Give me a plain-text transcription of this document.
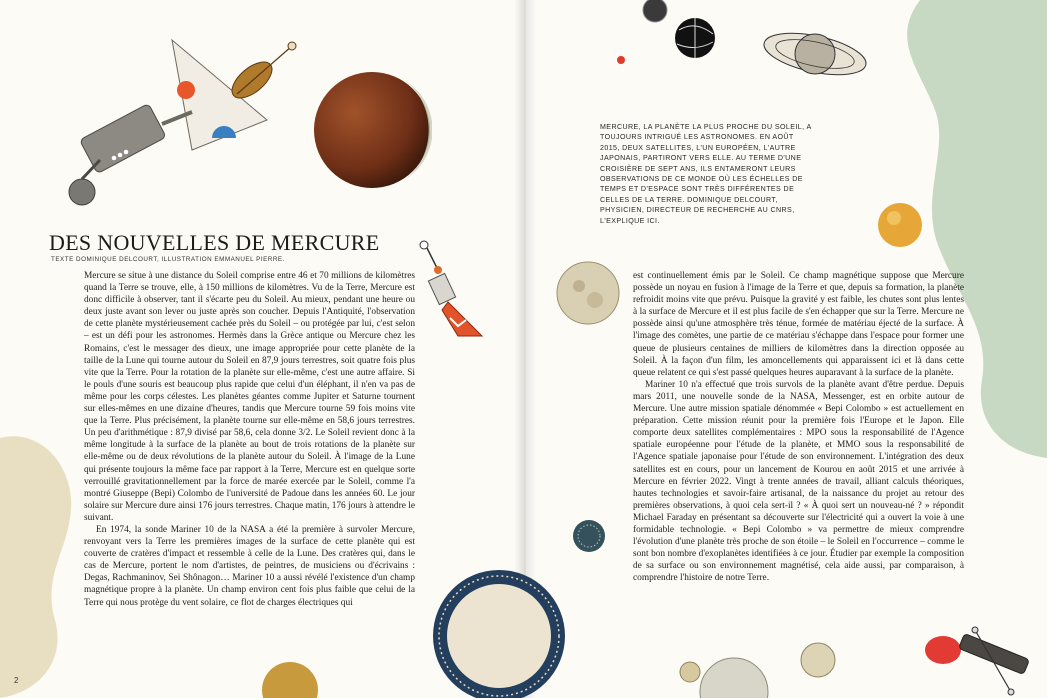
DES NOUVELLES DE MERCURE
TEXTE DOMINIQUE DELCOURT, ILLUSTRATION EMMANUEL PIERRE.
MERCURE, LA PLANÈTE LA PLUS PROCHE DU SOLEIL, A TOUJOURS INTRIGUÉ LES ASTRONOMES. EN AOÛT 2015, DEUX SATELLITES, L'UN EUROPÉEN, L'AUTRE JAPONAIS, PARTIRONT VERS ELLE. AU TERME D'UNE CROISIÈRE DE SEPT ANS, ILS ENTAMERONT LEURS OBSERVATIONS DE CE MONDE OÙ LES ÉCHELLES DE TEMPS ET D'ESPACE SONT TRÈS DIFFÉRENTES DE CELLES DE LA TERRE. DOMINIQUE DELCOURT, PHYSICIEN, DIRECTEUR DE RECHERCHE AU CNRS, L'EXPLIQUE ICI.

Mercure se situe à une distance du Soleil comprise entre 46 et 70 millions de kilomètres quand la Terre se trouve, elle, à 150 millions de kilomètres. Vu de la Terre, Mercure est donc difficile à observer, tant il s'écarte peu du Soleil. Au mieux, pendant une heure ou deux juste avant son lever ou juste après son coucher. Depuis l'Antiquité, l'observation de cette planète mystérieusement cachée près du Soleil – ou protégée par lui, c'est selon – est un défi pour les astronomes. Hermès dans la Grèce antique ou Mercure chez les Romains, c'est le messager des dieux, une image appropriée pour cette planète de la taille de la Lune qui tourne autour du Soleil en 87,9 jours terrestres, soit quatre fois plus vite que la Terre. Pour la rotation de la planète sur elle-même, c'est une autre affaire. Si le pouls d'une souris est beaucoup plus rapide que celui d'un éléphant, il n'en va pas de même pour les corps célestes. Les planètes géantes comme Jupiter et Saturne tournent sur elles-mêmes en une dizaine d'heures, tandis que Mercure tourne 59 fois moins vite que la Terre. Plus précisément, la planète tourne sur elle-même en 58,6 jours terrestres. Un peu d'arithmétique : 87,9 divisé par 58,6, cela donne 3/2. Le Soleil revient donc à la même longitude à la surface de la planète au bout de trois rotations de la planète sur elle-même ou de deux révolutions de la planète autour du Soleil. À l'image de la Lune qui présente toujours la même face par rapport à la Terre, Mercure est en quelque sorte verrouillé gravitationnellement par la force de marée exercée par le Soleil, comme l'a montré Giuseppe (Bepi) Colombo de l'université de Padoue dans les années 60. Le jour solaire sur Mercure dure ainsi 176 jours terrestres. Chaque matin, 176 jours à attendre le suivant.

En 1974, la sonde Mariner 10 de la NASA a été la première à survoler Mercure, renvoyant vers la Terre les premières images de la surface de cette planète qui est couverte de cratères d'impact et ressemble à celle de la Lune. Des cratères qui, dans le cas de Mercure, portent le nom d'artistes, de peintres, de musiciens ou d'écrivains : Degas, Rachmaninov, Sei Shônagon… Mariner 10 a aussi révélé l'existence d'un champ magnétique propre à la planète. Un champ environ cent fois plus faible que celui de la Terre qui nous protège du vent solaire, ce flot de charges électriques qui

est continuellement émis par le Soleil. Ce champ magnétique suppose que Mercure possède un noyau en fusion à l'image de la Terre et que, depuis sa formation, la planète refroidit moins vite que prévu. Puisque la gravité y est faible, les chutes sont plus lentes à la surface de Mercure et il est plus facile de s'en échapper que sur la Terre. Mercure ne possède ainsi qu'une atmosphère très ténue, formée de matériau éjecté de la surface. À l'image des comètes, une partie de ce matériau s'échappe dans l'espace pour former une queue de plusieurs centaines de milliers de kilomètres dans la direction opposée au Soleil. À la façon d'un film, les amoncellements qui apparaissent ici et là dans cette queue relatent ce qui s'est passé quelques heures auparavant à la surface de la planète.

Mariner 10 n'a effectué que trois survols de la planète avant d'être perdue. Depuis mars 2011, une nouvelle sonde de la NASA, Messenger, est en orbite autour de Mercure. Une autre mission spatiale dénommée « Bepi Colombo » est actuellement en préparation. Cette mission réunit pour la première fois l'Europe et le Japon. Elle comporte deux satellites complémentaires : MPO sous la responsabilité de l'Agence spatiale européenne pour l'étude de la planète, et MMO sous la responsabilité de l'Agence spatiale japonaise pour l'étude de son environnement. L'intégration des deux satellites est en cours, pour un lancement de Kourou en août 2015 et une arrivée à Mercure en février 2022. Vingt à trente années de travail, alliant calculs théoriques, hautes technologies et savoir-faire artisanal, de la naissance du projet au retour des premières observations, à quoi cela sert-il ? « À quoi sert un nouveau-né ? » répondit Michael Faraday en présentant sa découverte sur l'électricité qui a ouvert la voie à une formidable technologie. « Bepi Colombo » va permettre de mieux comprendre l'évolution d'une planète très proche de son étoile – le Soleil en l'occurrence – comme le sont bon nombre d'exoplanètes identifiées à ce jour. Étudier par exemple la composition de sa surface ou son environnement magnétisé, cela aide aussi, par comparaison, à comprendre l'histoire de notre Terre.

2
